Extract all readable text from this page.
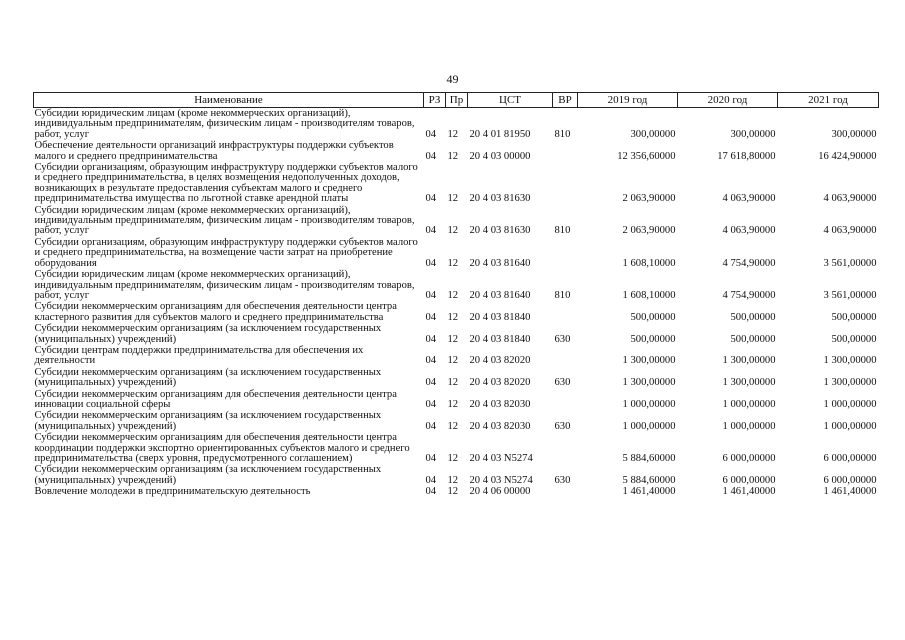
49
Наименование	РЗ	Пр	ЦСТ	ВР	2019 год	2020 год	2021 год
Субсидии юридическим лицам (кроме некоммерческих организаций), индивидуальным предпринимателям, физическим лицам - производителям товаров, работ, услуг	04	12	20 4 01 81950	810	300,00000	300,00000	300,00000
Обеспечение деятельности организаций инфраструктуры поддержки субъектов малого и среднего предпринимательства	04	12	20 4 03 00000		12 356,60000	17 618,80000	16 424,90000
Субсидии организациям, образующим инфраструктуру поддержки субъектов малого и среднего предпринимательства, в целях возмещения недополученных доходов, возникающих в результате предоставления субъектам малого и среднего предпринимательства имущества по льготной ставке арендной платы	04	12	20 4 03 81630		2 063,90000	4 063,90000	4 063,90000
Субсидии юридическим лицам (кроме некоммерческих организаций), индивидуальным предпринимателям, физическим лицам - производителям товаров, работ, услуг	04	12	20 4 03 81630	810	2 063,90000	4 063,90000	4 063,90000
Субсидии организациям, образующим инфраструктуру поддержки субъектов малого и среднего предпринимательства, на возмещение части затрат на приобретение оборудования	04	12	20 4 03 81640		1 608,10000	4 754,90000	3 561,00000
Субсидии юридическим лицам (кроме некоммерческих организаций), индивидуальным предпринимателям, физическим лицам - производителям товаров, работ, услуг	04	12	20 4 03 81640	810	1 608,10000	4 754,90000	3 561,00000
Субсидии некоммерческим организациям для обеспечения деятельности центра кластерного развития для субъектов малого и среднего предпринимательства	04	12	20 4 03 81840		500,00000	500,00000	500,00000
Субсидии некоммерческим организациям (за исключением государственных (муниципальных) учреждений)	04	12	20 4 03 81840	630	500,00000	500,00000	500,00000
Субсидии центрам поддержки предпринимательства для обеспечения их деятельности	04	12	20 4 03 82020		1 300,00000	1 300,00000	1 300,00000
Субсидии некоммерческим организациям (за исключением государственных (муниципальных) учреждений)	04	12	20 4 03 82020	630	1 300,00000	1 300,00000	1 300,00000
Субсидии некоммерческим организациям для обеспечения деятельности центра инновации социальной сферы	04	12	20 4 03 82030		1 000,00000	1 000,00000	1 000,00000
Субсидии некоммерческим организациям (за исключением государственных (муниципальных) учреждений)	04	12	20 4 03 82030	630	1 000,00000	1 000,00000	1 000,00000
Субсидии некоммерческим организациям для обеспечения деятельности центра координации поддержки экспортно ориентированных субъектов малого и среднего предпринимательства (сверх уровня, предусмотренного соглашением)	04	12	20 4 03 N5274		5 884,60000	6 000,00000	6 000,00000
Субсидии некоммерческим организациям (за исключением государственных (муниципальных) учреждений)	04	12	20 4 03 N5274	630	5 884,60000	6 000,00000	6 000,00000
Вовлечение молодежи в предпринимательскую деятельность	04	12	20 4 06 00000		1 461,40000	1 461,40000	1 461,40000
